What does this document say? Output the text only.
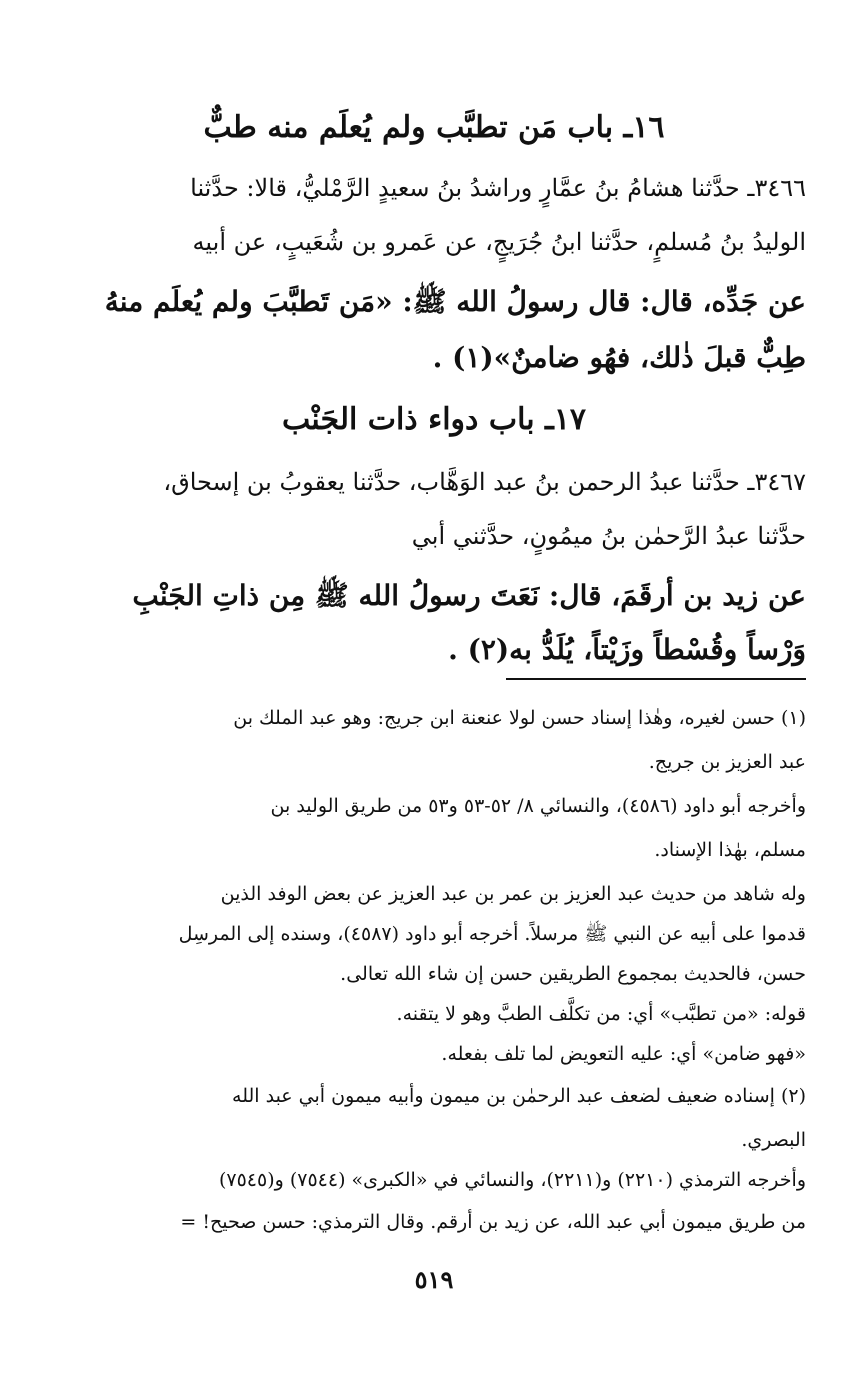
١٦ـ باب مَن تطبَّب ولم يُعلَم منه طبٌّ
٣٤٦٦ـ حدَّثنا هشامُ بنُ عمَّارٍ وراشدُ بنُ سعيدٍ الرَّمْليُّ، قالا: حدَّثنا
الوليدُ بنُ مُسلمٍ، حدَّثنا ابنُ جُرَيجٍ، عن عَمرو بن شُعَيبٍ، عن أبيه
عن جَدِّه، قال: قال رسولُ الله ﷺ: «مَن تَطبَّبَ ولم يُعلَم منهُ
طِبٌّ قبلَ ذٰلك، فهُو ضامنٌ»(١) .
١٧ـ باب دواء ذات الجَنْب
٣٤٦٧ـ حدَّثنا عبدُ الرحمن بنُ عبد الوَهَّاب، حدَّثنا يعقوبُ بن إسحاق،
حدَّثنا عبدُ الرَّحمٰن بنُ ميمُونٍ، حدَّثني أبي
عن زيد بن أرقَمَ، قال: نَعَتَ رسولُ الله ﷺ مِن ذاتِ الجَنْبِ
وَرْساً وقُسْطاً وزَيْتاً، يُلَدُّ به(٢) .
(١) حسن لغيره، وهٰذا إسناد حسن لولا عنعنة ابن جريج: وهو عبد الملك بن
عبد العزيز بن جريج.
وأخرجه أبو داود (٤٥٨٦)، والنسائي ٨/ ٥٢-٥٣ و٥٣ من طريق الوليد بن
مسلم، بهٰذا الإسناد.
وله شاهد من حديث عبد العزيز بن عمر بن عبد العزيز عن بعض الوفد الذين
قدموا على أبيه عن النبي ﷺ مرسلاً. أخرجه أبو داود (٤٥٨٧)، وسنده إلى المرسِل
حسن، فالحديث بمجموع الطريقين حسن إن شاء الله تعالى.
قوله: «من تطبَّب» أي: من تكلَّف الطبَّ وهو لا يتقنه.
«فهو ضامن» أي: عليه التعويض لما تلف بفعله.
(٢) إسناده ضعيف لضعف عبد الرحمٰن بن ميمون وأبيه ميمون أبي عبد الله
البصري.
وأخرجه الترمذي (٢٢١٠) و(٢٢١١)، والنسائي في «الكبرى» (٧٥٤٤) و(٧٥٤٥)
من طريق ميمون أبي عبد الله، عن زيد بن أرقم. وقال الترمذي: حسن صحيح! =
٥١٩
